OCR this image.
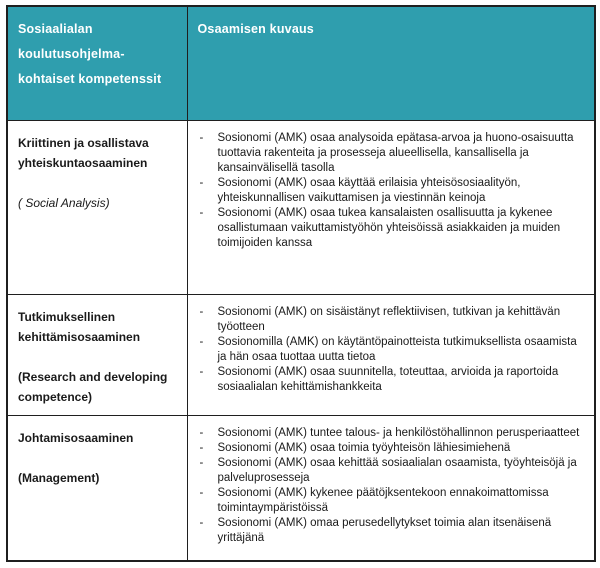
Sosiaalialan koulutusohjelma-kohtaiset kompetenssit	Osaamisen kuvaus

Kriittinen ja osallistava yhteiskuntaosaaminen
( Social Analysis)

-	Sosionomi (AMK) osaa analysoida epätasa-arvoa ja huono-osaisuutta tuottavia rakenteita ja prosesseja alueellisella, kansallisella ja kansainvälisellä tasolla
-	Sosionomi (AMK) osaa käyttää erilaisia yhteisösosiaalityön, yhteiskunnallisen vaikuttamisen ja viestinnän keinoja
-	Sosionomi (AMK) osaa tukea kansalaisten osallisuutta ja kykenee osallistumaan vaikuttamistyöhön yhteisöissä asiakkaiden ja muiden toimijoiden kanssa

Tutkimuksellinen kehittämisosaaminen
(Research and developing competence)

-	Sosionomi (AMK) on sisäistänyt reflektiivisen, tutkivan ja kehittävän työotteen
-	Sosionomilla (AMK) on käytäntöpainotteista tutkimuksellista osaamista ja hän osaa tuottaa uutta tietoa
-	Sosionomi (AMK) osaa suunnitella, toteuttaa, arvioida ja raportoida sosiaalialan kehittämishankkeita

Johtamisosaaminen
(Management)

-	Sosionomi (AMK) tuntee talous- ja henkilöstöhallinnon perusperiaatteet
-	Sosionomi (AMK) osaa toimia työyhteisön lähiesimiehenä
-	Sosionomi (AMK) osaa kehittää sosiaalialan osaamista, työyhteisöjä ja palveluprosesseja
-	Sosionomi (AMK) kykenee päätöjksentekoon ennakoimattomissa toimintaympäristöissä
-	Sosionomi (AMK) omaa perusedellytykset toimia alan itsenäisenä yrittäjänä
